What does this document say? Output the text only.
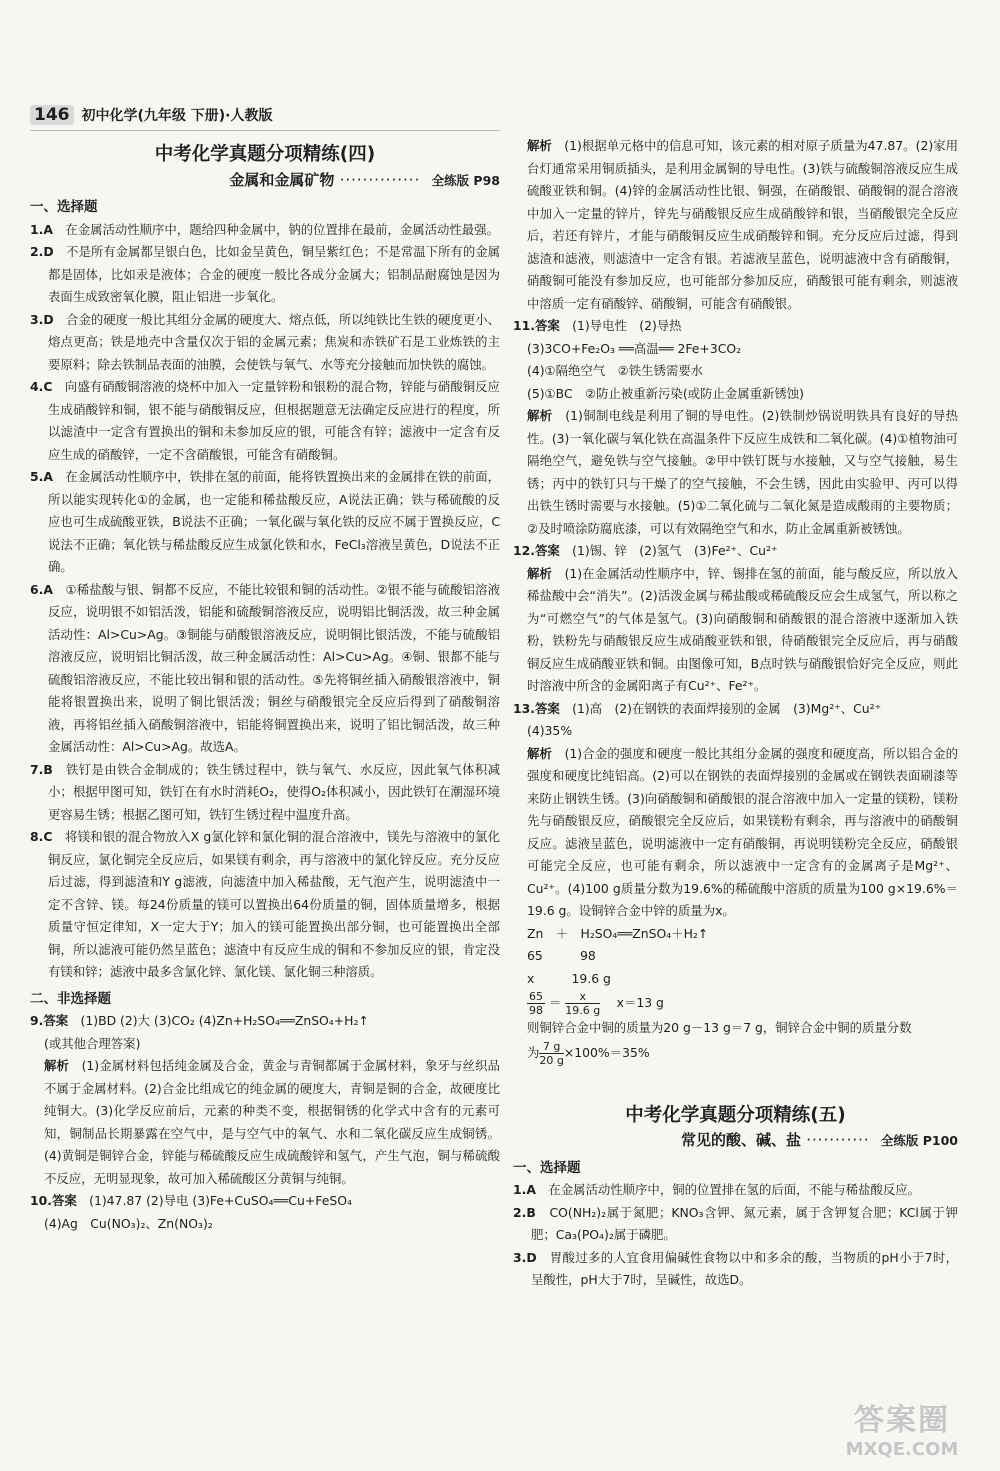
146 初中化学(九年级 下册)·人教版
中考化学真题分项精练(四)
金属和金属矿物 ·············· 全练版 P98
一、选择题
1.A　 在金属活动性顺序中，题给四种金属中，钠的位置排在最前，金属活动性最强。
2.D　 不是所有金属都呈银白色，比如金呈黄色，铜呈紫红色；不是常温下所有的金属都是固体，比如汞是液体；合金的硬度一般比各成分金属大；铝制品耐腐蚀是因为表面生成致密氧化膜，阻止铝进一步氧化。
3.D　 合金的硬度一般比其组分金属的硬度大、熔点低，所以纯铁比生铁的硬度更小、熔点更高；铁是地壳中含量仅次于铝的金属元素；焦炭和赤铁矿石是工业炼铁的主要原料；除去铁制品表面的油膜，会使铁与氧气、水等充分接触而加快铁的腐蚀。
4.C　 向盛有硝酸铜溶液的烧杯中加入一定量锌粉和银粉的混合物，锌能与硝酸铜反应生成硝酸锌和铜，银不能与硝酸铜反应，但根据题意无法确定反应进行的程度，所以滤渣中一定含有置换出的铜和未参加反应的银，可能含有锌；滤液中一定含有反应生成的硝酸锌，一定不含硝酸银，可能含有硝酸铜。
5.A　 在金属活动性顺序中，铁排在氢的前面，能将铁置换出来的金属排在铁的前面，所以能实现转化①的金属，也一定能和稀盐酸反应，A说法正确；铁与稀硫酸的反应也可生成硫酸亚铁，B说法不正确；一氧化碳与氧化铁的反应不属于置换反应，C说法不正确；氧化铁与稀盐酸反应生成氯化铁和水，FeCl₃溶液呈黄色，D说法不正确。
6.A　 ①稀盐酸与银、铜都不反应，不能比较银和铜的活动性。②银不能与硫酸铝溶液反应，说明银不如铝活泼，铝能和硫酸铜溶液反应，说明铝比铜活泼，故三种金属活动性：Al>Cu>Ag。③铜能与硝酸银溶液反应，说明铜比银活泼，不能与硫酸铝溶液反应，说明铝比铜活泼，故三种金属活动性：Al>Cu>Ag。④铜、银都不能与硫酸铝溶液反应，不能比较出铜和银的活动性。⑤先将铜丝插入硝酸银溶液中，铜能将银置换出来，说明了铜比银活泼；铜丝与硝酸银完全反应后得到了硝酸铜溶液，再将铝丝插入硝酸铜溶液中，铝能将铜置换出来，说明了铝比铜活泼，故三种金属活动性：Al>Cu>Ag。故选A。
7.B　 铁钉是由铁合金制成的；铁生锈过程中，铁与氧气、水反应，因此氧气体积减小；根据甲图可知，铁钉在有水时消耗O₂，使得O₂体积减小，因此铁钉在潮湿环境更容易生锈；根据乙图可知，铁钉生锈过程中温度升高。
8.C　 将镁和银的混合物放入X g氯化锌和氯化铜的混合溶液中，镁先与溶液中的氯化铜反应，氯化铜完全反应后，如果镁有剩余，再与溶液中的氯化锌反应。充分反应后过滤，得到滤渣和Y g滤液，向滤渣中加入稀盐酸，无气泡产生，说明滤渣中一定不含锌、镁。每24份质量的镁可以置换出64份质量的铜，固体质量增多，根据质量守恒定律知，X一定大于Y；加入的镁可能置换出部分铜，也可能置换出全部铜，所以滤液可能仍然呈蓝色；滤渣中有反应生成的铜和不参加反应的银，肯定没有镁和锌；滤液中最多含氯化锌、氯化镁、氯化铜三种溶质。
二、非选择题
9.答案　 (1)BD (2)大 (3)CO₂ (4)Zn+H₂SO₄══ZnSO₄+H₂↑
(或其他合理答案)
解析　 (1)金属材料包括纯金属及合金，黄金与青铜都属于金属材料，象牙与丝织品不属于金属材料。(2)合金比组成它的纯金属的硬度大，青铜是铜的合金，故硬度比纯铜大。(3)化学反应前后，元素的种类不变，根据铜锈的化学式中含有的元素可知，铜制品长期暴露在空气中，是与空气中的氧气、水和二氧化碳反应生成铜锈。(4)黄铜是铜锌合金，锌能与稀硫酸反应生成硫酸锌和氢气，产生气泡，铜与稀硫酸不反应，无明显现象，故可加入稀硫酸区分黄铜与纯铜。
10.答案　 (1)47.87 (2)导电 (3)Fe+CuSO₄══Cu+FeSO₄
(4)Ag　Cu(NO₃)₂、Zn(NO₃)₂
解析　 (1)根据单元格中的信息可知，该元素的相对原子质量为47.87。(2)家用台灯通常采用铜质插头，是利用金属铜的导电性。(3)铁与硫酸铜溶液反应生成硫酸亚铁和铜。(4)锌的金属活动性比银、铜强，在硝酸银、硝酸铜的混合溶液中加入一定量的锌片，锌先与硝酸银反应生成硝酸锌和银，当硝酸银完全反应后，若还有锌片，才能与硝酸铜反应生成硝酸锌和铜。充分反应后过滤，得到滤渣和滤液，则滤渣中一定含有银。若滤液呈蓝色，说明滤液中含有硝酸铜，硝酸铜可能没有参加反应，也可能部分参加反应，硝酸银可能有剩余，则滤液中溶质一定有硝酸锌、硝酸铜，可能含有硝酸银。
11.答案　 (1)导电性　(2)导热
(3)3CO+Fe₂O₃ ══高温══ 2Fe+3CO₂
(4)①隔绝空气　②铁生锈需要水
(5)①BC　②防止被重新污染(或防止金属重新锈蚀)
解析　 (1)铜制电线是利用了铜的导电性。(2)铁制炒锅说明铁具有良好的导热性。(3)一氧化碳与氧化铁在高温条件下反应生成铁和二氧化碳。(4)①植物油可隔绝空气，避免铁与空气接触。②甲中铁钉既与水接触，又与空气接触，易生锈；丙中的铁钉只与干燥了的空气接触，不会生锈，因此由实验甲、丙可以得出铁生锈时需要与水接触。(5)①二氧化硫与二氧化氮是造成酸雨的主要物质；②及时喷涂防腐底漆，可以有效隔绝空气和水，防止金属重新被锈蚀。
12.答案　 (1)锡、锌　(2)氢气　(3)Fe²⁺、Cu²⁺
解析　 (1)在金属活动性顺序中，锌、锡排在氢的前面，能与酸反应，所以放入稀盐酸中会“消失”。(2)活泼金属与稀盐酸或稀硫酸反应会生成氢气，所以称之为“可燃空气”的气体是氢气。(3)向硝酸铜和硝酸银的混合溶液中逐渐加入铁粉，铁粉先与硝酸银反应生成硝酸亚铁和银，待硝酸银完全反应后，再与硝酸铜反应生成硝酸亚铁和铜。由图像可知，B点时铁与硝酸银恰好完全反应，则此时溶液中所含的金属阳离子有Cu²⁺、Fe²⁺。
13.答案　 (1)高　(2)在钢铁的表面焊接别的金属　(3)Mg²⁺、Cu²⁺
(4)35%
解析　 (1)合金的强度和硬度一般比其组分金属的强度和硬度高，所以铝合金的强度和硬度比纯铝高。(2)可以在钢铁的表面焊接别的金属或在钢铁表面刷漆等来防止钢铁生锈。(3)向硝酸铜和硝酸银的混合溶液中加入一定量的镁粉，镁粉先与硝酸银反应，硝酸银完全反应后，如果镁粉有剩余，再与溶液中的硝酸铜反应。滤液呈蓝色，说明滤液中一定有硝酸铜，再说明镁粉完全反应，硝酸银可能完全反应，也可能有剩余，所以滤液中一定含有的金属离子是Mg²⁺、Cu²⁺。(4)100 g质量分数为19.6%的稀硫酸中溶质的质量为100 g×19.6%＝19.6 g。设铜锌合金中锌的质量为x。
Zn　＋　H₂SO₄══ZnSO₄＋H₂↑
65　　　98
x　　　19.6 g
$\frac{65}{98} = \frac{x}{19.6 g}$
　 x＝13 g
则铜锌合金中铜的质量为20 g－13 g＝7 g，铜锌合金中铜的质量分数
为 $\frac{7 g}{20 g} \times 100\%=35\%$
中考化学真题分项精练(五)
常见的酸、碱、盐 ··········· 全练版 P100
一、选择题
1.A　 在金属活动性顺序中，铜的位置排在氢的后面，不能与稀盐酸反应。
2.B　 CO(NH₂)₂属于氮肥；KNO₃含钾、氮元素，属于含钾复合肥；KCl属于钾肥；Ca₃(PO₄)₂属于磷肥。
3.D　 胃酸过多的人宜食用偏碱性食物以中和多余的酸，当物质的pH小于7时，呈酸性，pH大于7时，呈碱性，故选D。
答案圈
MXQE.COM
